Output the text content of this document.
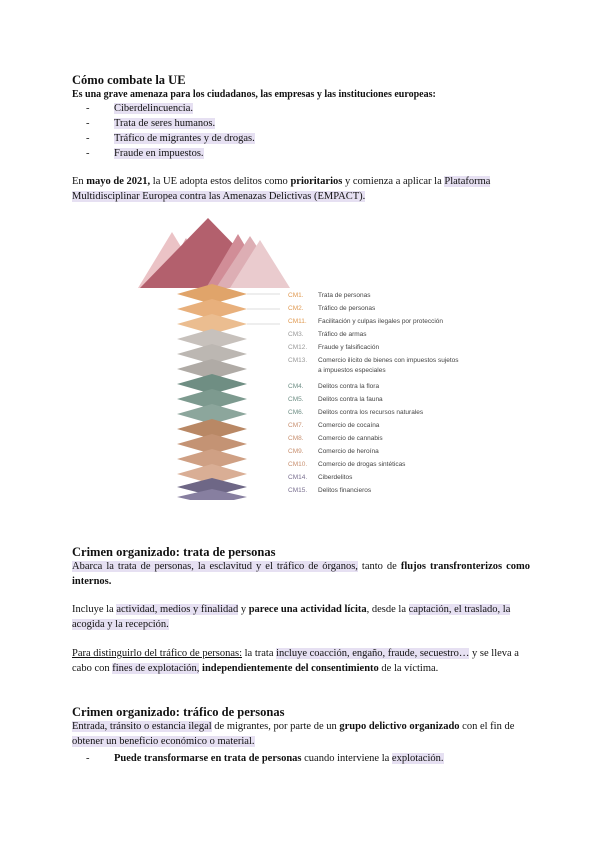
Cómo combate la UE

Es una grave amenaza para los ciudadanos, las empresas y las instituciones europeas:

- Ciberdelincuencia.
- Trata de seres humanos.
- Tráfico de migrantes y de drogas.
- Fraude en impuestos.

En mayo de 2021, la UE adopta estos delitos como prioritarios y comienza a aplicar la Plataforma Multidisciplinar Europea contra las Amenazas Delictivas (EMPACT).

CM1. Trata de personas
CM2. Tráfico de personas
CM11. Facilitación y culpas ilegales por protección
CM3. Tráfico de armas
CM12. Fraude y falsificación
CM13. Comercio ilícito de bienes con impuestos sujetos
a impuestos especiales
CM4. Delitos contra la flora
CM5. Delitos contra la fauna
CM6. Delitos contra los recursos naturales
CM7. Comercio de cocaína
CM8. Comercio de cannabis
CM9. Comercio de heroína
CM10. Comercio de drogas sintéticas
CM14. Ciberdelitos
CM15. Delitos financieros
Crimen organizado: trata de personas

Abarca la trata de personas, la esclavitud y el tráfico de órganos, tanto de flujos transfronterizos como internos.

Incluye la actividad, medios y finalidad y parece una actividad lícita, desde la captación, el traslado, la acogida y la recepción.

Para distinguirlo del tráfico de personas: la trata incluye coacción, engaño, fraude, secuestro… y se lleva a cabo con fines de explotación, independientemente del consentimiento de la víctima.

Crimen organizado: tráfico de personas

Entrada, tránsito o estancia ilegal de migrantes, por parte de un grupo delictivo organizado con el fin de obtener un beneficio económico o material.

- Puede transformarse en trata de personas cuando interviene la explotación.
